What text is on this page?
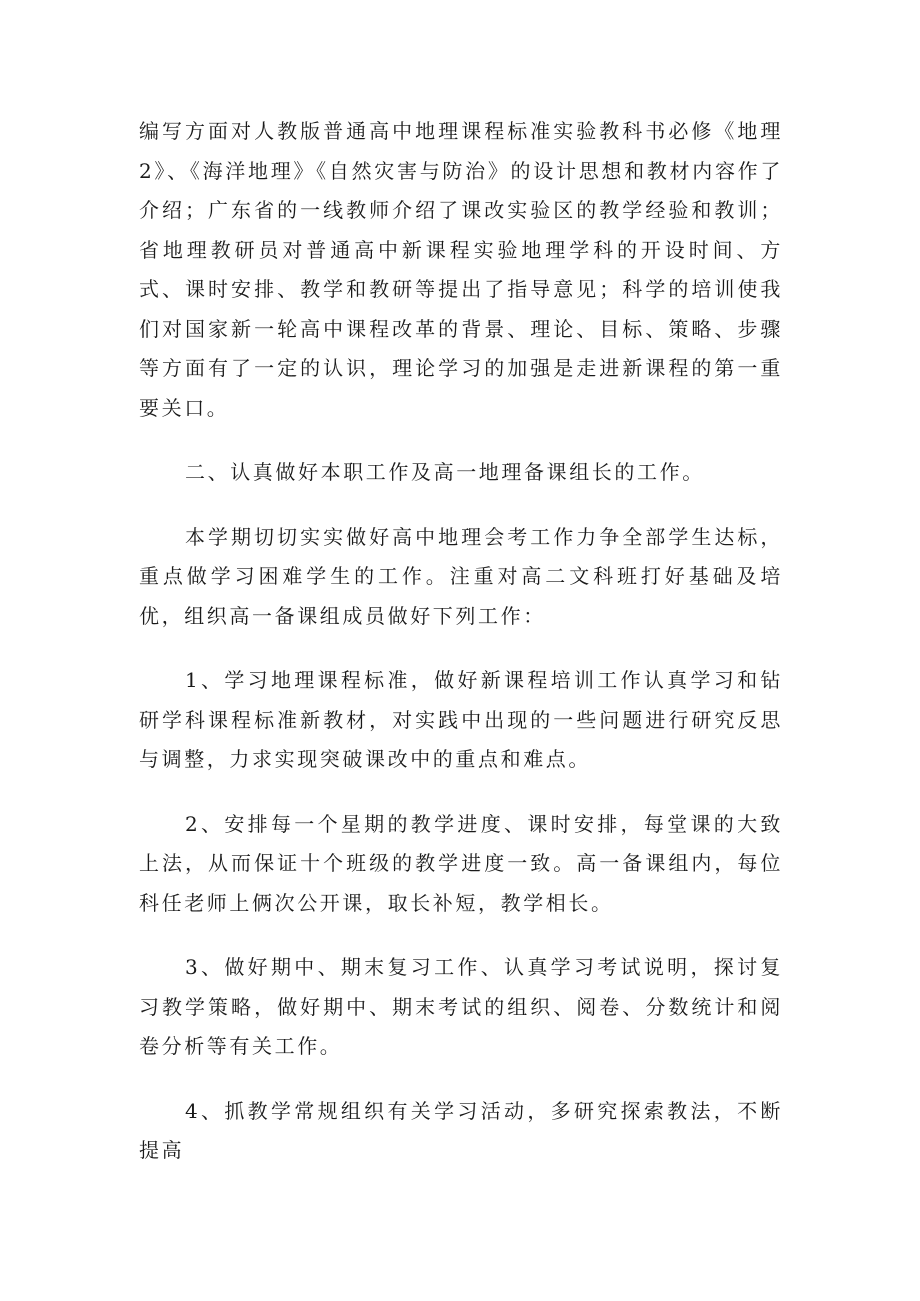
编写方面对人教版普通高中地理课程标准实验教科书必修《地理2》、《海洋地理》《自然灾害与防治》的设计思想和教材内容作了介绍；广东省的一线教师介绍了课改实验区的教学经验和教训；省地理教研员对普通高中新课程实验地理学科的开设时间、方式、课时安排、教学和教研等提出了指导意见；科学的培训使我们对国家新一轮高中课程改革的背景、理论、目标、策略、步骤等方面有了一定的认识，理论学习的加强是走进新课程的第一重要关口。

二、认真做好本职工作及高一地理备课组长的工作。

本学期切切实实做好高中地理会考工作力争全部学生达标，重点做学习困难学生的工作。注重对高二文科班打好基础及培优，组织高一备课组成员做好下列工作：

1、学习地理课程标准，做好新课程培训工作认真学习和钻研学科课程标准新教材，对实践中出现的一些问题进行研究反思与调整，力求实现突破课改中的重点和难点。

2、安排每一个星期的教学进度、课时安排，每堂课的大致上法，从而保证十个班级的教学进度一致。高一备课组内，每位科任老师上俩次公开课，取长补短，教学相长。

3、做好期中、期末复习工作、认真学习考试说明，探讨复习教学策略，做好期中、期末考试的组织、阅卷、分数统计和阅卷分析等有关工作。

4、抓教学常规组织有关学习活动，多研究探索教法，不断提高
